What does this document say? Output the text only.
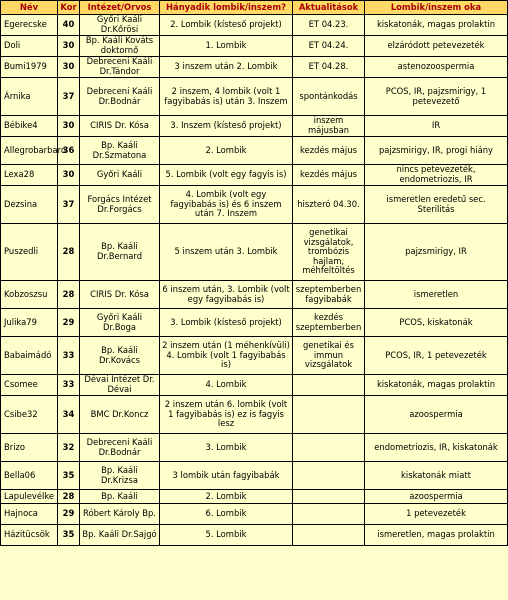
Név	Kor	Intézet/Orvos	Hányadik lombik/inszem?	Aktualitások	Lombik/inszem oka
Egerecske	40	Győri Kaáli Dr.Kőrösi	2. Lombik (kísteső projekt)	ET 04.23.	kiskatonák, magas prolaktin
Doli	30	Bp. Kaáli Kováts doktornő	1. Lombik	ET 04.24.	elzáródott petevezeték
Bumi1979	30	Debreceni Kaáli Dr.Tándor	3 inszem után 2. Lombik	ET 04.28.	astenozoospermia
Árnika	37	Debreceni Kaáli Dr.Bodnár	2 inszem, 4 lombik (volt 1 fagyibabás is) után 3. Inszem	spontánkodás	PCOS, IR, pajzsmirigy, 1 petevezető
Bébike4	30	CIRIS Dr. Kósa	3. Inszem (kísteső projekt)	inszem májusban	IR
Allegrobarbaro	36	Bp. Kaáli Dr.Szmatona	2. Lombik	kezdés május	pajzsmirigy, IR, progi hiány
Lexa28	30	Győri Kaáli	5. Lombik (volt egy fagyis is)	kezdés május	nincs petevezeték, endometriozis, IR
Dezsina	37	Forgács Intézet Dr.Forgács	4. Lombik (volt egy fagyibabás is) és 6 inszem után 7. Inszem	hiszteró 04.30.	ismeretlen eredetű sec. Sterilitás
Puszedli	28	Bp. Kaáli Dr.Bernard	5 inszem után 3. Lombik	genetikai vizsgálatok, trombózis hajlam, méhfeltöltés	pajzsmirigy, IR
Kobzoszsu	28	CIRIS Dr. Kósa	6 inszem után, 3. Lombik (volt egy fagyibabás is)	szeptemberben fagyibabák	ismeretlen
Julika79	29	Győri Kaáli Dr.Boga	3. Lombik (kísteső projekt)	kezdés szeptemberben	PCOS, kiskatonák
Babaimádó	33	Bp. Kaáli Dr.Kovács	2 inszem után (1 méhenkívüli) 4. Lombik (volt 1 fagyibabás is)	genetikai és immun vizsgálatok	PCOS, IR, 1 petevezeték
Csomee	33	Dévai Intézet Dr. Dévai	4. Lombik		kiskatonák, magas prolaktin
Csibe32	34	BMC Dr.Koncz	2 inszem után 6. lombik (volt 1 fagyibabás is) ez is fagyis lesz		azoospermia
Brizo	32	Debreceni Kaáli Dr.Bodnár	3. Lombik		endometriozis, IR, kiskatonák
Bella06	35	Bp. Kaáli Dr.Krizsa	3 lombik után fagyibabák		kiskatonák miatt
Lapulevélke	28	Bp. Kaáli	2. Lombik		azoospermia
Hajnoca	29	Róbert Károly Bp.	6. Lombik		1 petevezeték
Házitücsök	35	Bp. Kaáli Dr.Sajgó	5. Lombik		ismeretlen, magas prolaktin
